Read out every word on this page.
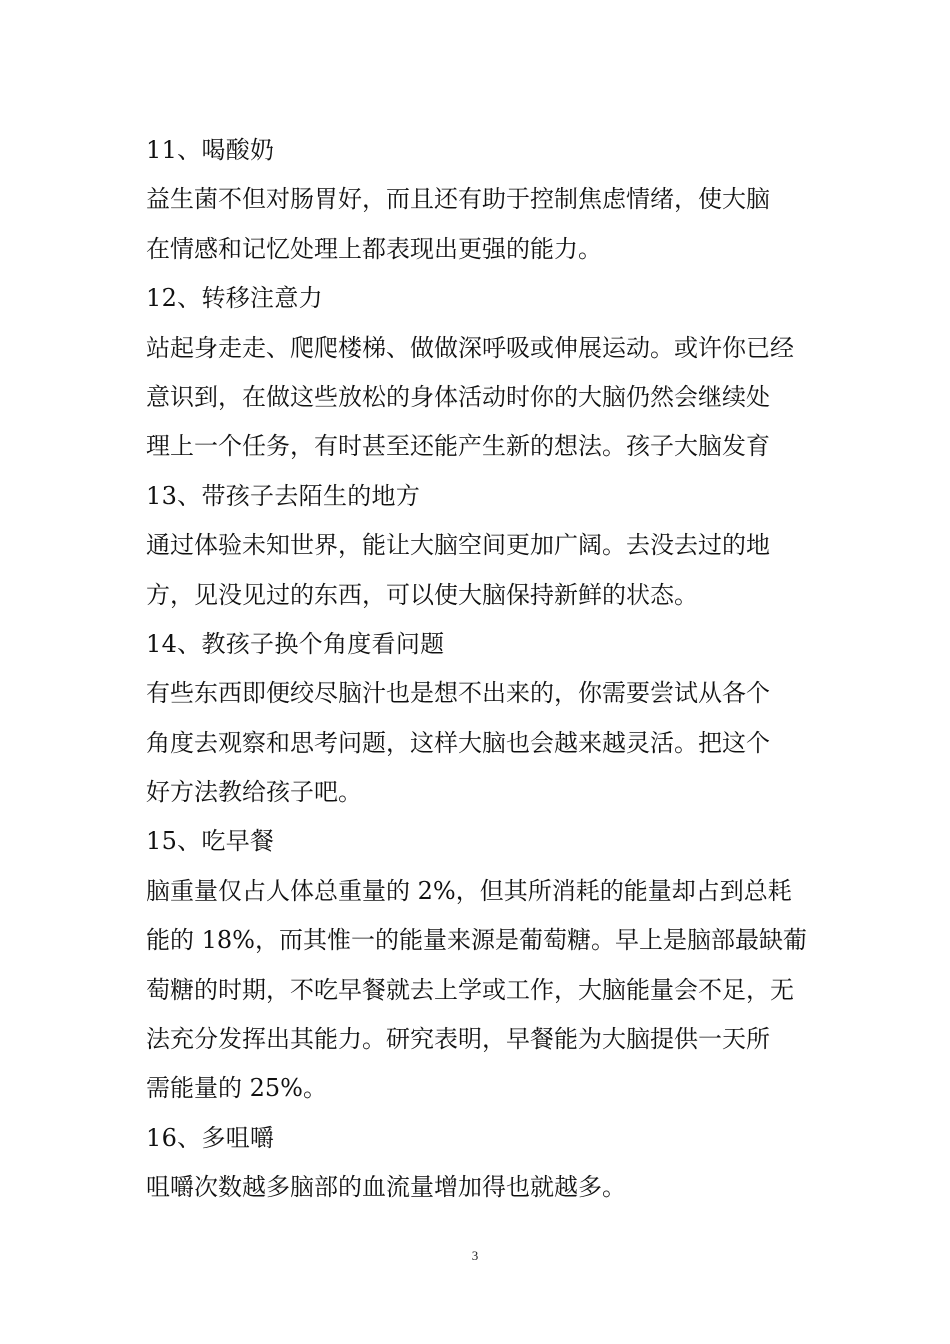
11、喝酸奶
益生菌不但对肠胃好，而且还有助于控制焦虑情绪，使大脑
在情感和记忆处理上都表现出更强的能力。
12、转移注意力
站起身走走、爬爬楼梯、做做深呼吸或伸展运动。或许你已经
意识到，在做这些放松的身体活动时你的大脑仍然会继续处
理上一个任务，有时甚至还能产生新的想法。孩子大脑发育
13、带孩子去陌生的地方
通过体验未知世界，能让大脑空间更加广阔。去没去过的地
方，见没见过的东西，可以使大脑保持新鲜的状态。
14、教孩子换个角度看问题
有些东西即便绞尽脑汁也是想不出来的，你需要尝试从各个
角度去观察和思考问题，这样大脑也会越来越灵活。把这个
好方法教给孩子吧。
15、吃早餐
脑重量仅占人体总重量的 2%，但其所消耗的能量却占到总耗
能的 18%，而其惟一的能量来源是葡萄糖。早上是脑部最缺葡
萄糖的时期，不吃早餐就去上学或工作，大脑能量会不足，无
法充分发挥出其能力。研究表明，早餐能为大脑提供一天所
需能量的 25%。
16、多咀嚼
咀嚼次数越多脑部的血流量增加得也就越多。
3
